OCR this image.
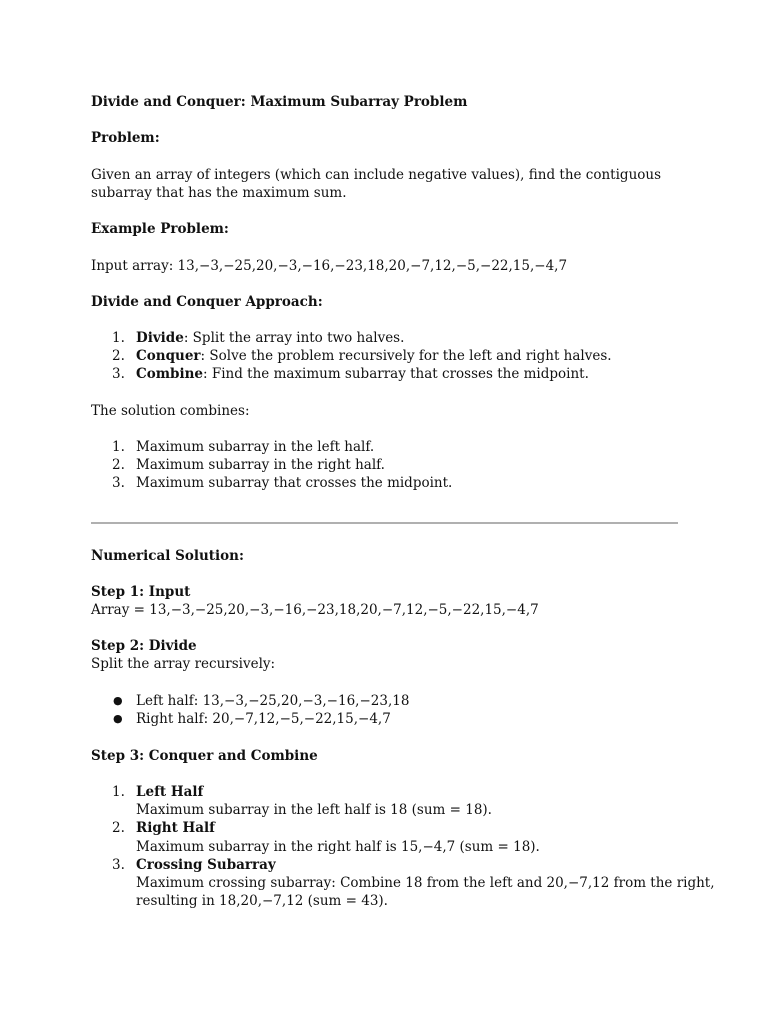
Divide and Conquer: Maximum Subarray Problem

Problem:

Given an array of integers (which can include negative values), find the contiguous

subarray that has the maximum sum.

Example Problem:

Input array: 13,−3,−25,20,−3,−16,−23,18,20,−7,12,−5,−22,15,−4,7

Divide and Conquer Approach:

1. Divide: Split the array into two halves.
2. Conquer: Solve the problem recursively for the left and right halves.
3. Combine: Find the maximum subarray that crosses the midpoint.

The solution combines:

1. Maximum subarray in the left half.
2. Maximum subarray in the right half.
3. Maximum subarray that crosses the midpoint.

Numerical Solution:

Step 1: Input

Array = 13,−3,−25,20,−3,−16,−23,18,20,−7,12,−5,−22,15,−4,7

Step 2: Divide

Split the array recursively:

● Left half: 13,−3,−25,20,−3,−16,−23,18
● Right half: 20,−7,12,−5,−22,15,−4,7

Step 3: Conquer and Combine

1. Left Half
Maximum subarray in the left half is 18 (sum = 18).
2. Right Half
Maximum subarray in the right half is 15,−4,7 (sum = 18).
3. Crossing Subarray
Maximum crossing subarray: Combine 18 from the left and 20,−7,12 from the right,
resulting in 18,20,−7,12 (sum = 43).
